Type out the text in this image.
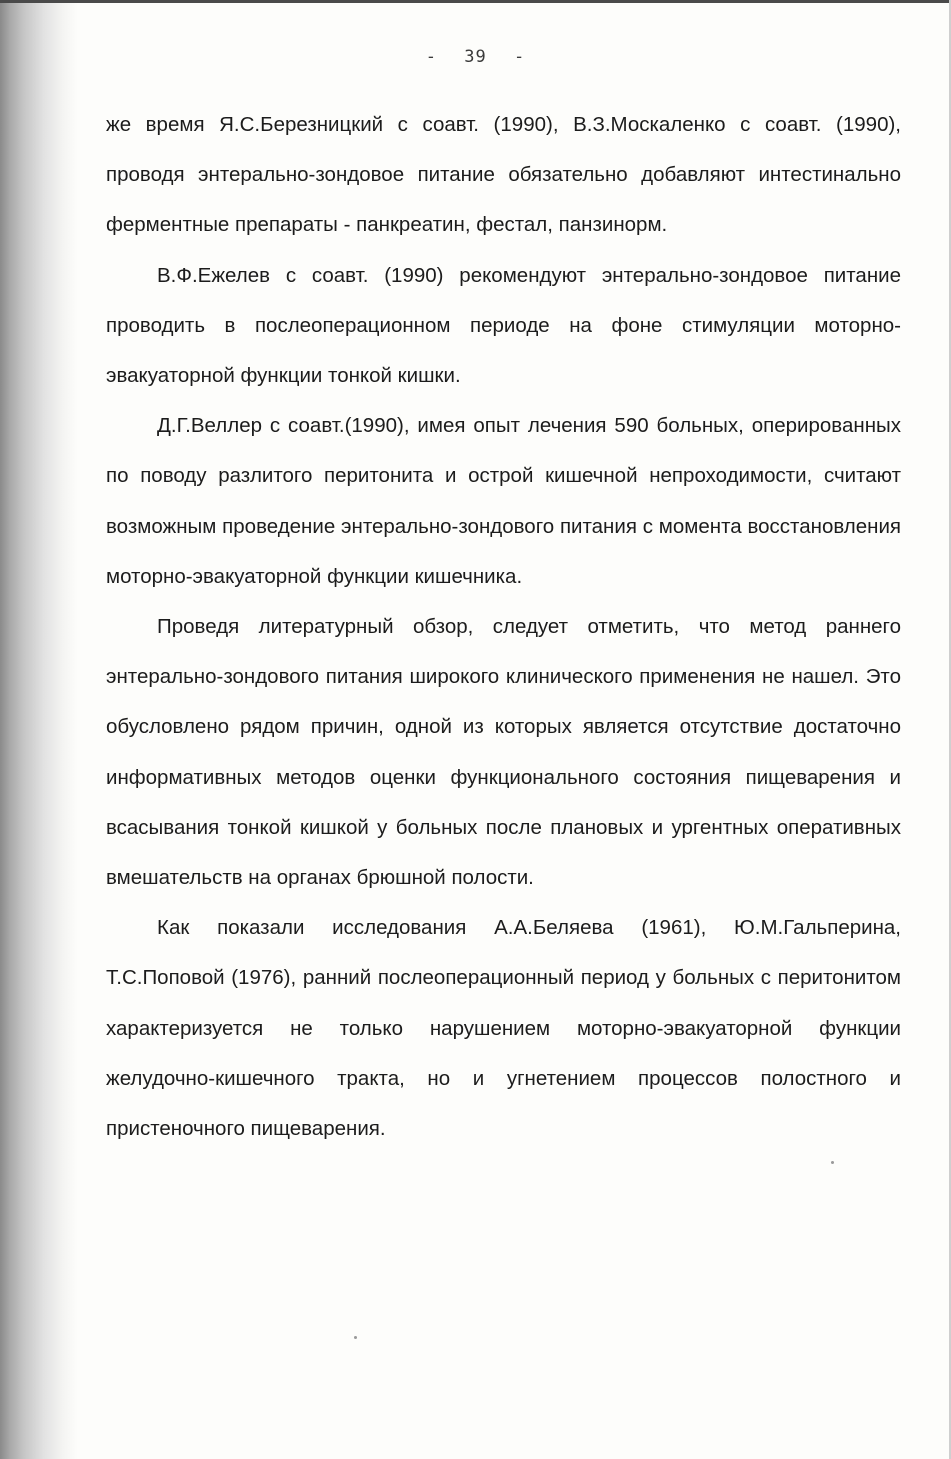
- 39 -

же время Я.С.Березницкий с соавт. (1990), В.З.Москаленко с соавт. (1990), проводя энтерально-зондовое питание обязательно добавляют интестинально ферментные препараты - панкреатин, фестал, панзинорм.

В.Ф.Ежелев с соавт. (1990) рекомендуют энтерально-зондовое питание проводить в послеоперационном периоде на фоне стимуляции моторно-эвакуаторной функции тонкой кишки.

Д.Г.Веллер с соавт.(1990), имея опыт лечения 590 больных, оперированных по поводу разлитого перитонита и острой кишечной непроходимости, считают возможным проведение энтерально-зондового питания с момента восстановления моторно-эвакуаторной функции кишечника.

Проведя литературный обзор, следует отметить, что метод раннего энтерально-зондового питания широкого клинического применения не нашел. Это обусловлено рядом причин, одной из которых является отсутствие достаточно информативных методов оценки функционального состояния пищеварения и всасывания тонкой кишкой у больных после плановых и ургентных оперативных вмешательств на органах брюшной полости.

Как показали исследования А.А.Беляева (1961), Ю.М.Гальперина, Т.С.Поповой (1976), ранний послеоперационный период у больных с перитонитом характеризуется не только нарушением моторно-эвакуаторной функции желудочно-кишечного тракта, но и угнетением процессов полостного и пристеночного пищеварения.
